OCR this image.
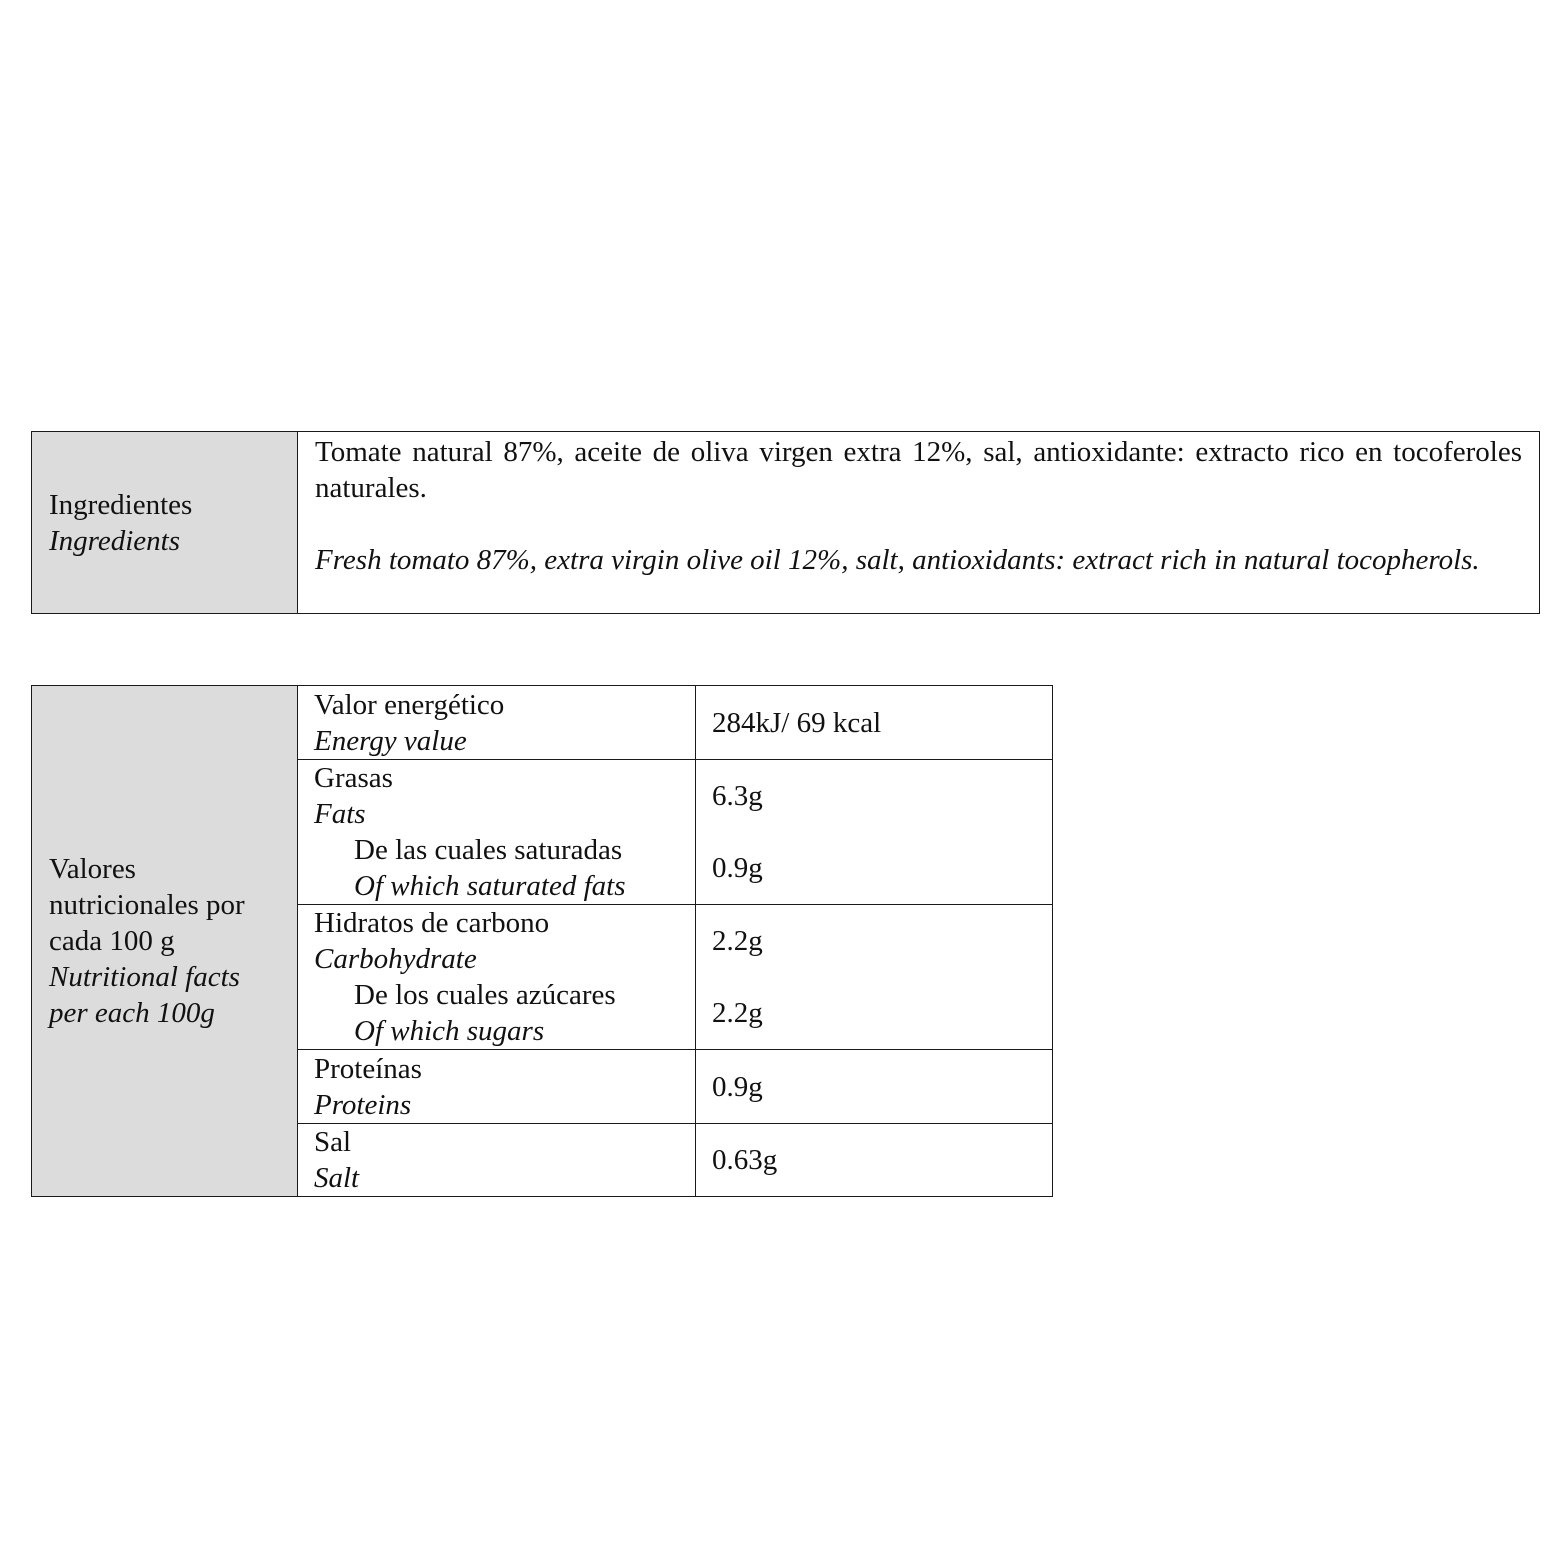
Ingredientes
Ingredients

Tomate natural 87%, aceite de oliva virgen extra 12%, sal, antioxidante: extracto rico en tocoferoles naturales.

Fresh tomato 87%, extra virgin olive oil 12%, salt, antioxidants: extract rich in natural tocopherols.

Valores
nutricionales por
cada 100 g
Nutritional facts
per each 100g
Valor energético
Energy value
284kJ/ 69 kcal
Grasas
Fats
De las cuales saturadas
Of which saturated fats
6.3g
0.9g
Hidratos de carbono
Carbohydrate
De los cuales azúcares
Of which sugars
2.2g
2.2g
Proteínas
Proteins
0.9g
Sal
Salt
0.63g
